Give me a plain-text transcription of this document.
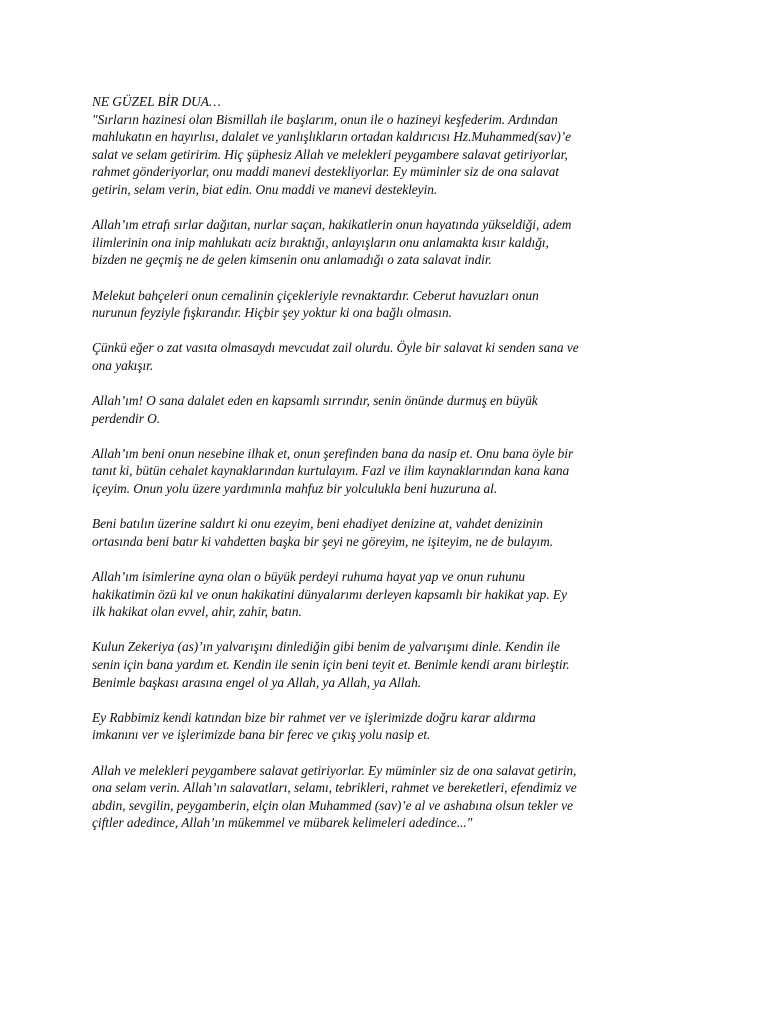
NE GÜZEL BİR DUA…
"Sırların hazinesi olan Bismillah ile başlarım, onun ile o hazineyi keşfederim. Ardından
mahlukatın en hayırlısı, dalalet ve yanlışlıkların ortadan kaldırıcısı Hz.Muhammed(sav)’e
salat ve selam getiririm. Hiç şüphesiz Allah ve melekleri peygambere salavat getiriyorlar,
rahmet gönderiyorlar, onu maddi manevi destekliyorlar. Ey müminler siz de ona salavat
getirin, selam verin, biat edin. Onu maddi ve manevi destekleyin.
Allah’ım etrafı sırlar dağıtan, nurlar saçan, hakikatlerin onun hayatında yükseldiği, adem
ilimlerinin ona inip mahlukatı aciz bıraktığı, anlayışların onu anlamakta kısır kaldığı,
bizden ne geçmiş ne de gelen kimsenin onu anlamadığı o zata salavat indir.
Melekut bahçeleri onun cemalinin çiçekleriyle revnaktardır. Ceberut havuzları onun
nurunun feyziyle fışkırandır. Hiçbir şey yoktur ki ona bağlı olmasın.
Çünkü eğer o zat vasıta olmasaydı mevcudat zail olurdu. Öyle bir salavat ki senden sana ve
ona yakışır.
Allah’ım! O sana dalalet eden en kapsamlı sırrındır, senin önünde durmuş en büyük
perdendir O.
Allah’ım beni onun nesebine ilhak et, onun şerefinden bana da nasip et. Onu bana öyle bir
tanıt ki, bütün cehalet kaynaklarından kurtulayım. Fazl ve ilim kaynaklarından kana kana
içeyim. Onun yolu üzere yardımınla mahfuz bir yolculukla beni huzuruna al.
Beni batılın üzerine saldırt ki onu ezeyim, beni ehadiyet denizine at, vahdet denizinin
ortasında beni batır ki vahdetten başka bir şeyi ne göreyim, ne işiteyim, ne de bulayım.
Allah’ım isimlerine ayna olan o büyük perdeyi ruhuma hayat yap ve onun ruhunu
hakikatimin özü kıl ve onun hakikatini dünyalarımı derleyen kapsamlı bir hakikat yap. Ey
ilk hakikat olan evvel, ahir, zahir, batın.
Kulun Zekeriya (as)’ın yalvarışını dinlediğin gibi benim de yalvarışımı dinle. Kendin ile
senin için bana yardım et. Kendin ile senin için beni teyit et. Benimle kendi aranı birleştir.
Benimle başkası arasına engel ol ya Allah, ya Allah, ya Allah.
Ey Rabbimiz kendi katından bize bir rahmet ver ve işlerimizde doğru karar aldırma
imkanını ver ve işlerimizde bana bir ferec ve çıkış yolu nasip et.
Allah ve melekleri peygambere salavat getiriyorlar. Ey müminler siz de ona salavat getirin,
ona selam verin. Allah’ın salavatları, selamı, tebrikleri, rahmet ve bereketleri, efendimiz ve
abdin, sevgilin, peygamberin, elçin olan Muhammed (sav)’e al ve ashabına olsun tekler ve
çiftler adedince, Allah’ın mükemmel ve mübarek kelimeleri adedince..."
